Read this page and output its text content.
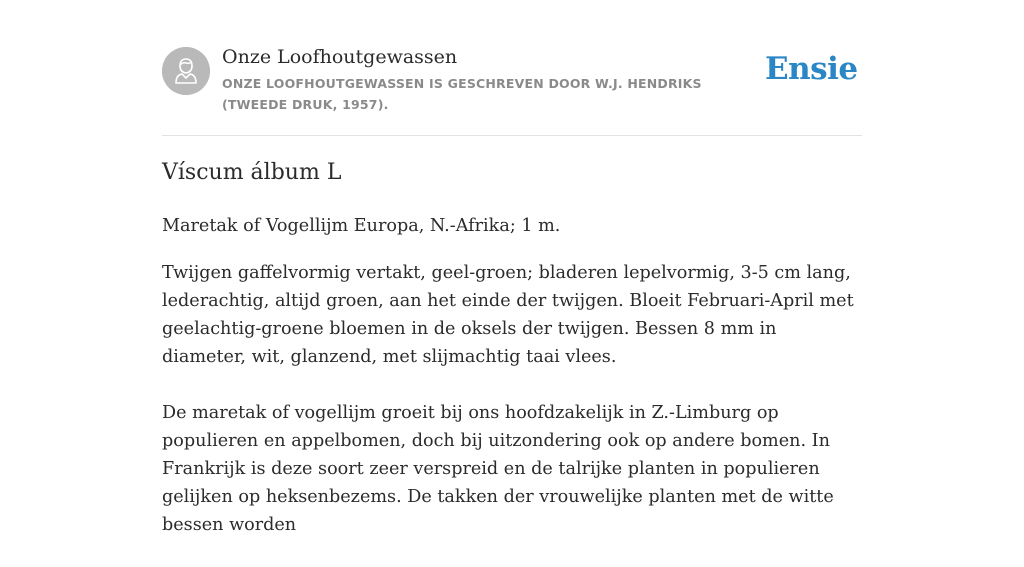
Onze Loofhoutgewassen
ONZE LOOFHOUTGEWASSEN IS GESCHREVEN DOOR W.J. HENDRIKS (TWEEDE DRUK, 1957).
Ensie
Víscum álbum L

Maretak of Vogellijm Europa, N.-Afrika; 1 m.

Twijgen gaffelvormig vertakt, geel-groen; bladeren lepelvormig, 3-5 cm lang, lederachtig, altijd groen, aan het einde der twijgen. Bloeit Februari-April met geelachtig-groene bloemen in de oksels der twijgen. Bessen 8 mm in diameter, wit, glanzend, met slijmachtig taai vlees.

De maretak of vogellijm groeit bij ons hoofdzakelijk in Z.-Limburg op populieren en appelbomen, doch bij uitzondering ook op andere bomen. In Frankrijk is deze soort zeer verspreid en de talrijke planten in populieren gelijken op heksenbezems. De takken der vrouwelijke planten met de witte bessen worden
